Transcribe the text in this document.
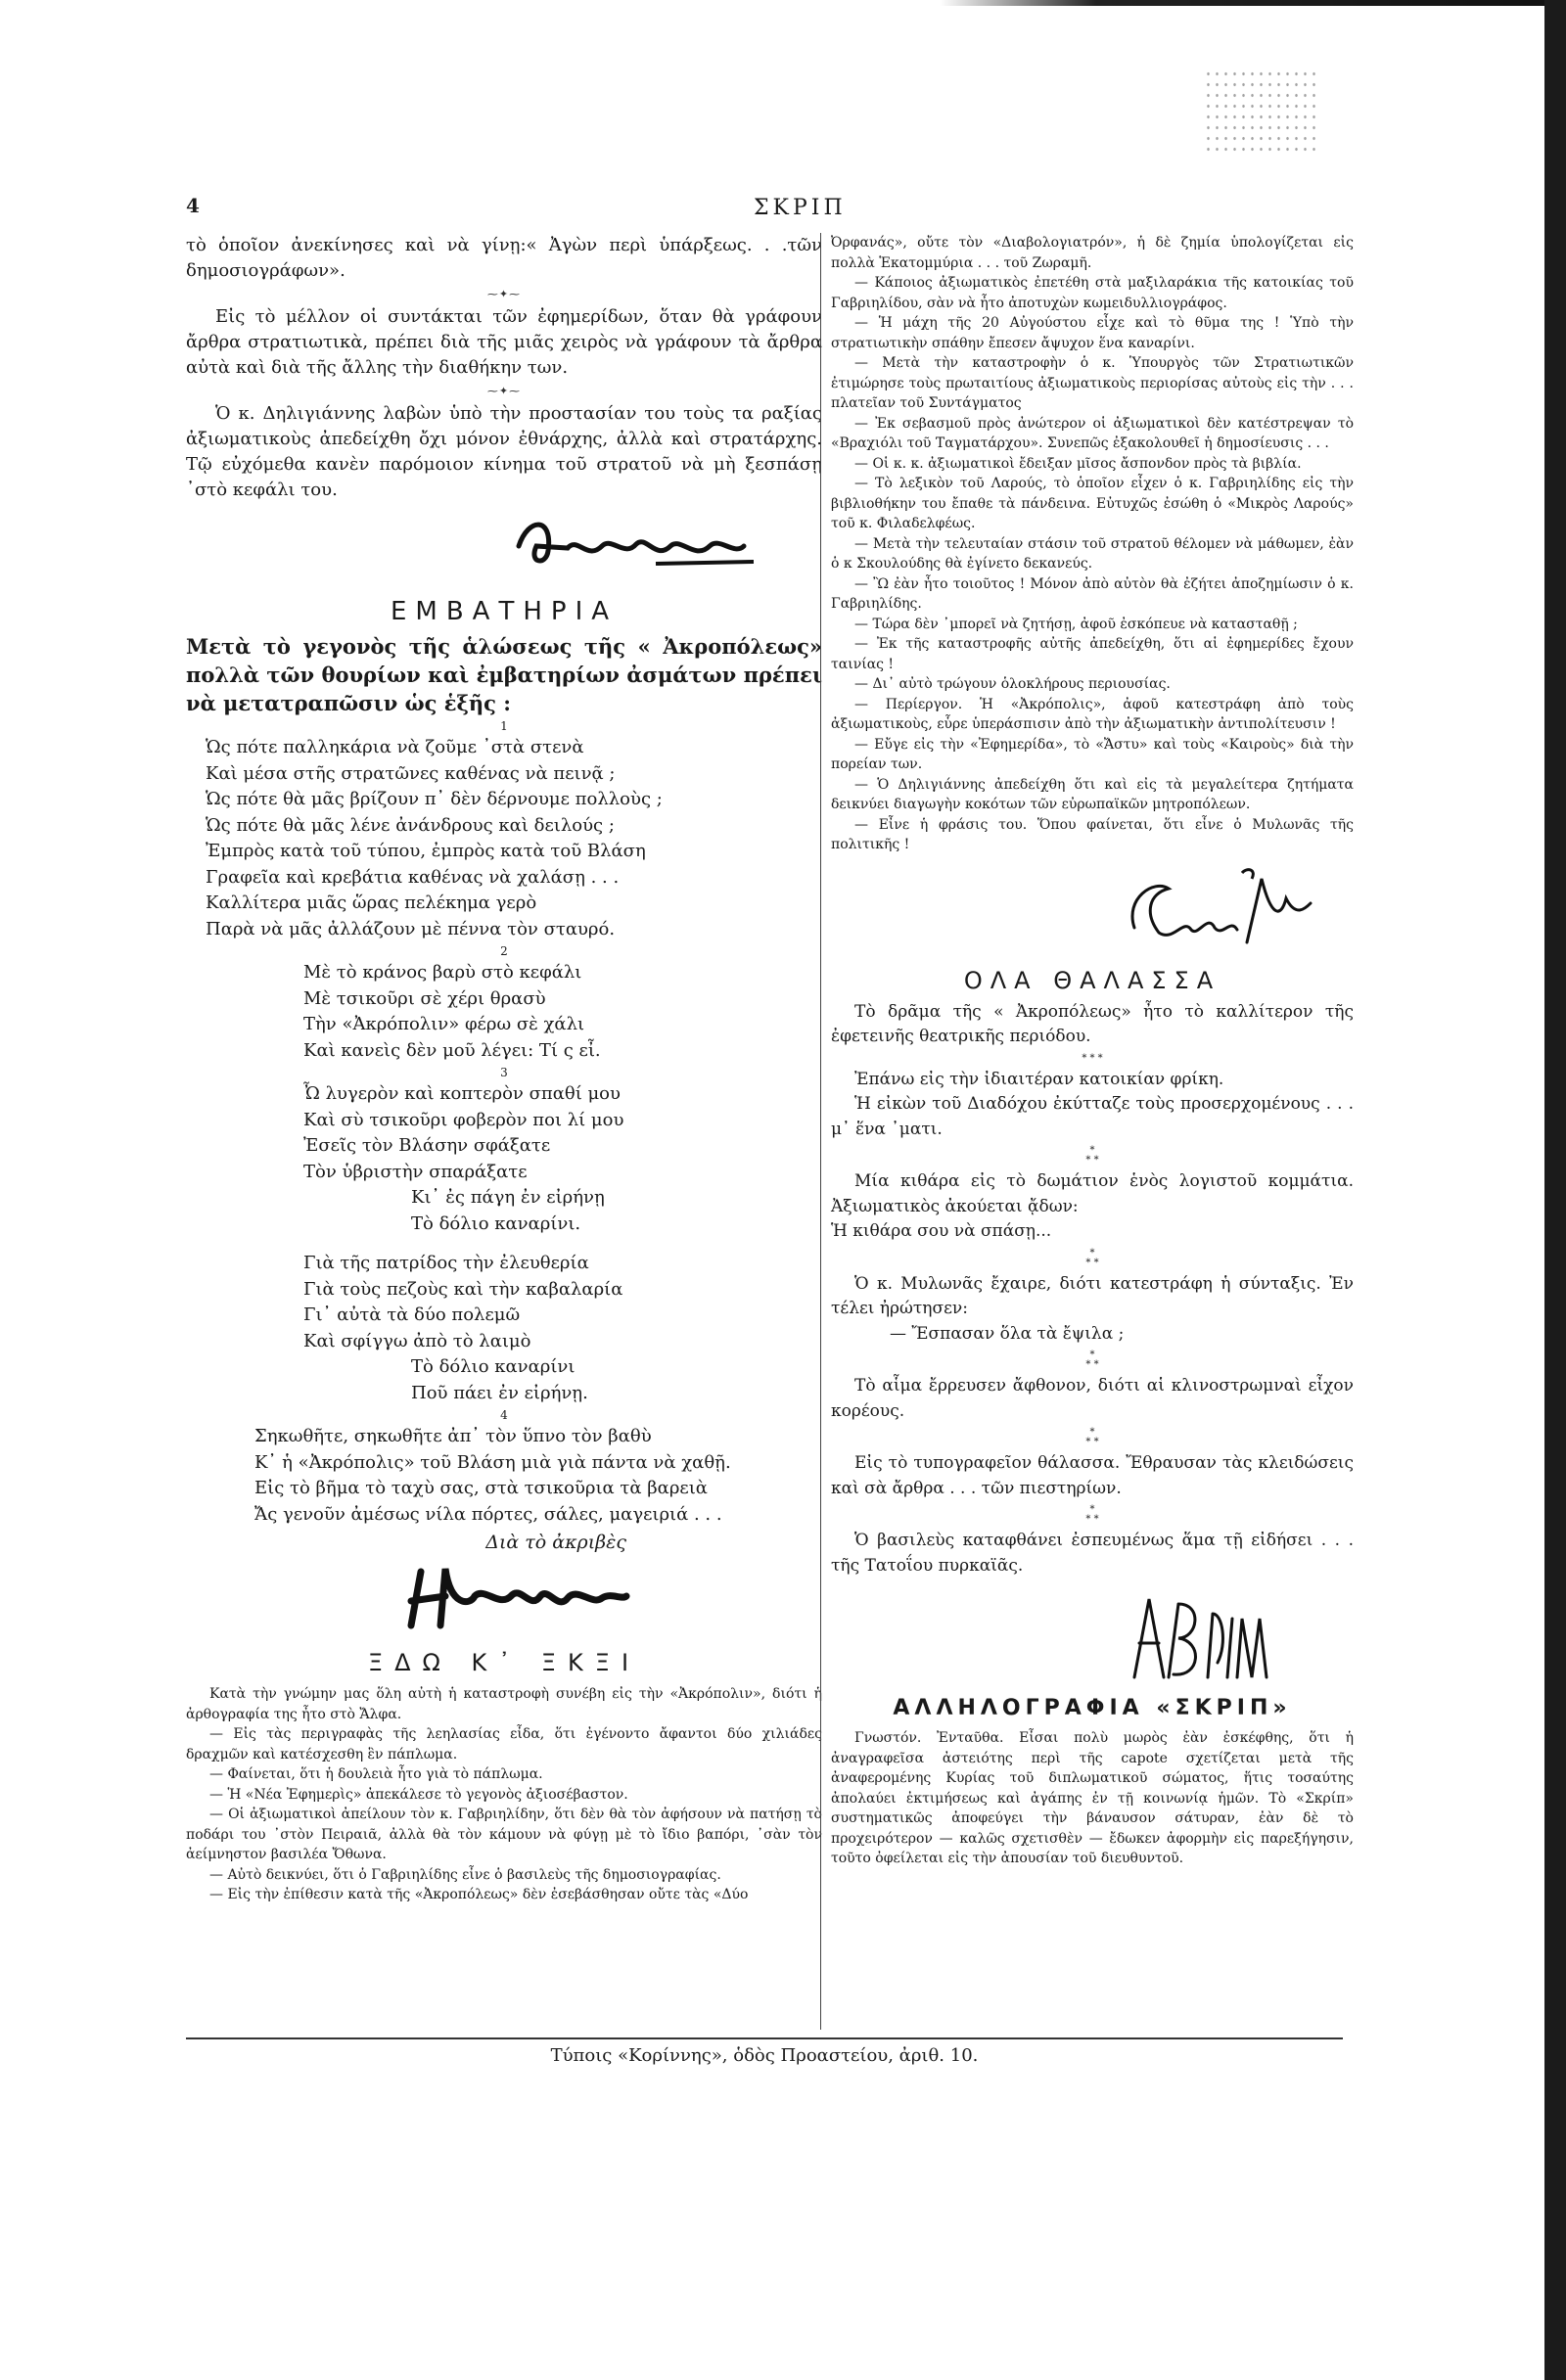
4	ΣΚΡΙΠ

τὸ ὁποῖον ἀνεκίνησες καὶ νὰ γίνῃ:« Ἀγὼν περὶ ὑπάρξεως. . .τῶν δημοσιογράφων».

⁓✦⁓

Εἰς τὸ μέλλον οἱ συντάκται τῶν ἐφημερίδων, ὅταν θὰ γράφουν ἄρθρα στρατιωτικὰ, πρέπει διὰ τῆς μιᾶς χειρὸς νὰ γράφουν τὰ ἄρθρα αὐτὰ καὶ διὰ τῆς ἄλλης τὴν διαθήκην των.

⁓✦⁓

Ὁ κ. Δηλιγιάννης λαβὼν ὑπὸ τὴν προστασίαν του τοὺς τα ραξίας ἀξιωματικοὺς ἀπεδείχθη ὄχι μόνον ἐθνάρχης, ἀλλὰ καὶ στρατάρχης. Τῷ εὐχόμεθα κανὲν παρόμοιον κίνημα τοῦ στρατοῦ νὰ μὴ ξεσπάσῃ ᾽στὸ κεφάλι του.

ΕΜΒΑΤΗΡΙΑ

Μετὰ τὸ γεγονὸς τῆς ἁλώσεως τῆς « Ἀκροπόλεως» πολλὰ τῶν θουρίων καὶ ἐμβατηρίων ἀσμάτων πρέπει νὰ μετατραπῶσιν ὡς ἑξῆς :

1
Ὡς πότε παλληκάρια νὰ ζοῦμε ᾽στὰ στενὰ
Καὶ μέσα στῆς στρατῶνες καθένας νὰ πεινᾷ ;
Ὡς πότε θὰ μᾶς βρίζουν π᾽ δὲν δέρνουμε πολλοὺς ;
Ὡς πότε θὰ μᾶς λένε ἀνάνδρους καὶ δειλούς ;
Ἐμπρὸς κατὰ τοῦ τύπου, ἐμπρὸς κατὰ τοῦ Βλάση
Γραφεῖα καὶ κρεβάτια καθένας νὰ χαλάσῃ . . .
Καλλίτερα μιᾶς ὥρας πελέκημα γερὸ
Παρὰ νὰ μᾶς ἀλλάζουν μὲ πέννα τὸν σταυρό.
2
Μὲ τὸ κράνος βαρὺ στὸ κεφάλι
Μὲ τσικοῦρι σὲ χέρι θρασὺ
Τὴν «Ἀκρόπολιν» φέρω σὲ χάλι
Καὶ κανεὶς δὲν μοῦ λέγει: Τί ς εἶ.
3
Ὦ λυγερὸν καὶ κοπτερὸν σπαθί μου
Καὶ σὺ τσικοῦρι φοβερὸν ποι λί μου
Ἐσεῖς τὸν Βλάσην σφάξατε
Τὸν ὑβριστὴν σπαράξατε
Κι᾽ ἐς πάγη ἐν εἰρήνῃ
Τὸ δόλιο καναρίνι.
Γιὰ τῆς πατρίδος τὴν ἐλευθερία
Γιὰ τοὺς πεζοὺς καὶ τὴν καβαλαρία
Γι᾽ αὐτὰ τὰ δύο πολεμῶ
Καὶ σφίγγω ἀπὸ τὸ λαιμὸ
Τὸ δόλιο καναρίνι
Ποῦ πάει ἐν εἰρήνῃ.
4
Σηκωθῆτε, σηκωθῆτε ἀπ᾽ τὸν ὕπνο τὸν βαθὺ
Κ᾽ ἡ «Ἀκρόπολις» τοῦ Βλάση μιὰ γιὰ πάντα νὰ χαθῇ.
Εἰς τὸ βῆμα τὸ ταχὺ σας, στὰ τσικοῦρια τὰ βαρειὰ
Ἄς γενοῦν ἀμέσως νίλα πόρτες, σάλες, μαγειριά . . .
Διὰ τὸ ἀκριβὲς
ΞΔΩ Κ᾽ ΞΚΞΙ

Κατὰ τὴν γνώμην μας ὅλη αὐτὴ ἡ καταστροφὴ συνέβη εἰς τὴν «Ἀκρόπολιν», διότι ἡ ἀρθογραφία της ἦτο στὸ Ἄλφα.

— Εἰς τὰς περιγραφὰς τῆς λεηλασίας εἶδα, ὅτι ἐγένοντο ἄφαντοι δύο χιλιάδες δραχμῶν καὶ κατέσχεσθη ἓν πάπλωμα.

— Φαίνεται, ὅτι ἡ δουλειὰ ἦτο γιὰ τὸ πάπλωμα.

— Ἡ «Νέα Ἐφημερὶς» ἀπεκάλεσε τὸ γεγονὸς ἀξιοσέβαστον.

— Οἱ ἀξιωματικοὶ ἀπείλουν τὸν κ. Γαβριηλίδην, ὅτι δὲν θὰ τὸν ἀφήσουν νὰ πατήσῃ τὸ ποδάρι του ᾽στὸν Πειραιᾶ, ἀλλὰ θὰ τὸν κάμουν νὰ φύγῃ μὲ τὸ ἴδιο βαπόρι, ᾽σὰν τὸν ἀείμνηστον βασιλέα Ὄθωνα.

— Αὐτὸ δεικνύει, ὅτι ὁ Γαβριηλίδης εἶνε ὁ βασιλεὺς τῆς δημοσιογραφίας.

— Εἰς τὴν ἐπίθεσιν κατὰ τῆς «Ἀκροπόλεως» δὲν ἐσεβάσθησαν οὔτε τὰς «Δύο

Ὀρφανάς», οὔτε τὸν «Διαβολογιατρόν», ἡ δὲ ζημία ὑπολογίζεται εἰς πολλὰ Ἑκατομμύρια . . . τοῦ Ζωραμῆ.

— Κάποιος ἀξιωματικὸς ἐπετέθη στὰ μαξιλαράκια τῆς κατοικίας τοῦ Γαβριηλίδου, σὰν νὰ ἦτο ἀποτυχὼν κωμειδυλλιογράφος.

— Ἡ μάχη τῆς 20 Αὐγούστου εἶχε καὶ τὸ θῦμα της ! Ὑπὸ τὴν στρατιωτικὴν σπάθην ἔπεσεν ἄψυχον ἕνα καναρίνι.

— Μετὰ τὴν καταστροφὴν ὁ κ. Ὑπουργὸς τῶν Στρατιωτικῶν ἐτιμώρησε τοὺς πρωταιτίους ἀξιωματικοὺς περιορίσας αὐτοὺς εἰς τὴν . . . πλατεῖαν τοῦ Συντάγματος

— Ἐκ σεβασμοῦ πρὸς ἀνώτερον οἱ ἀξιωματικοὶ δὲν κατέστρεψαν τὸ «Βραχιόλι τοῦ Ταγματάρχου». Συνεπῶς ἐξακολουθεῖ ἡ δημοσίευσις . . .

— Οἱ κ. κ. ἀξιωματικοὶ ἔδειξαν μῖσος ἄσπονδον πρὸς τὰ βιβλία.

— Τὸ λεξικὸν τοῦ Λαρούς, τὸ ὁποῖον εἶχεν ὁ κ. Γαβριηλίδης εἰς τὴν βιβλιοθήκην του ἔπαθε τὰ πάνδεινα. Εὐτυχῶς ἐσώθη ὁ «Μικρὸς Λαρούς» τοῦ κ. Φιλαδελφέως.

— Μετὰ τὴν τελευταίαν στάσιν τοῦ στρατοῦ θέλομεν νὰ μάθωμεν, ἐὰν ὁ κ Σκουλούδης θὰ ἐγίνετο δεκανεύς.

— Ὢ ἐὰν ἦτο τοιοῦτος ! Μόνον ἀπὸ αὐτὸν θὰ ἐζήτει ἀποζημίωσιν ὁ κ. Γαβριηλίδης.

— Τώρα δὲν ᾽μπορεῖ νὰ ζητήσῃ, ἀφοῦ ἐσκόπευε νὰ κατασταθῇ ;

— Ἐκ τῆς καταστροφῆς αὐτῆς ἀπεδείχθη, ὅτι αἱ ἐφημερίδες ἔχουν ταινίας !

— Δι᾽ αὐτὸ τρώγουν ὁλοκλήρους περιουσίας.

— Περίεργον. Ἡ «Ἀκρόπολις», ἀφοῦ κατεστράφη ἀπὸ τοὺς ἀξιωματικοὺς, εὗρε ὑπεράσπισιν ἀπὸ τὴν ἀξιωματικὴν ἀντιπολίτευσιν !

— Εὔγε εἰς τὴν «Ἐφημερίδα», τὸ «Ἄστυ» καὶ τοὺς «Καιροὺς» διὰ τὴν πορείαν των.

— Ὁ Δηλιγιάννης ἀπεδείχθη ὅτι καὶ εἰς τὰ μεγαλείτερα ζητήματα δεικνύει διαγωγὴν κοκότων τῶν εὐρωπαϊκῶν μητροπόλεων.

— Εἶνε ἡ φράσις του. Ὅπου φαίνεται, ὅτι εἶνε ὁ Μυλωνᾶς τῆς πολιτικῆς !

ΟΛΑ ΘΑΛΑΣΣΑ

Τὸ δρᾶμα τῆς « Ἀκροπόλεως» ἦτο τὸ καλλίτερον τῆς ἐφετεινῆς θεατρικῆς περιόδου.

* * *

Ἐπάνω εἰς τὴν ἰδιαιτέραν κατοικίαν φρίκη.

Ἡ εἰκὼν τοῦ Διαδόχου ἐκύτταζε τοὺς προσερχομένους . . . μ᾽ ἕνα ᾽ματι.

*
* *

Μία κιθάρα εἰς τὸ δωμάτιον ἑνὸς λογιστοῦ κομμάτια. Ἀξιωματικὸς ἀκούεται ᾄδων:

Ἡ κιθάρα σου νὰ σπάσῃ...

*
* *

Ὁ κ. Μυλωνᾶς ἔχαιρε, διότι κατεστράφη ἡ σύνταξις. Ἐν τέλει ἠρώτησεν:

— Ἔσπασαν ὅλα τὰ ἔψιλα ;

*
* *

Τὸ αἷμα ἔρρευσεν ἄφθονον, διότι αἱ κλινοστρωμναὶ εἶχον κορέους.

*
* *

Εἰς τὸ τυπογραφεῖον θάλασσα. Ἔθραυσαν τὰς κλειδώσεις καὶ σὰ ἄρθρα . . . τῶν πιεστηρίων.

*
* *

Ὁ βασιλεὺς καταφθάνει ἐσπευμένως ἅμα τῇ εἰδήσει . . . τῆς Τατοΐου πυρκαϊᾶς.

ΑΛΛΗΛΟΓΡΑΦΙΑ «ΣΚΡΙΠ»

Γνωστόν. Ἐνταῦθα. Εἶσαι πολὺ μωρὸς ἐὰν ἐσκέφθης, ὅτι ἡ ἀναγραφεῖσα ἀστειότης περὶ τῆς capote σχετίζεται μετὰ τῆς ἀναφερομένης Κυρίας τοῦ διπλωματικοῦ σώματος, ἥτις τοσαύτης ἀπολαύει ἐκτιμήσεως καὶ ἀγάπης ἐν τῇ κοινωνίᾳ ἡμῶν. Τὸ «Σκρίπ» συστηματικῶς ἀποφεύγει τὴν βάναυσον σάτυραν, ἐὰν δὲ τὸ προχειρότερον — καλῶς σχετισθὲν — ἔδωκεν ἀφορμὴν εἰς παρεξήγησιν, τοῦτο ὀφείλεται εἰς τὴν ἀπουσίαν τοῦ διευθυντοῦ.

Τύποις «Κορίννης», ὁδὸς Προαστείου, ἀριθ. 10.
